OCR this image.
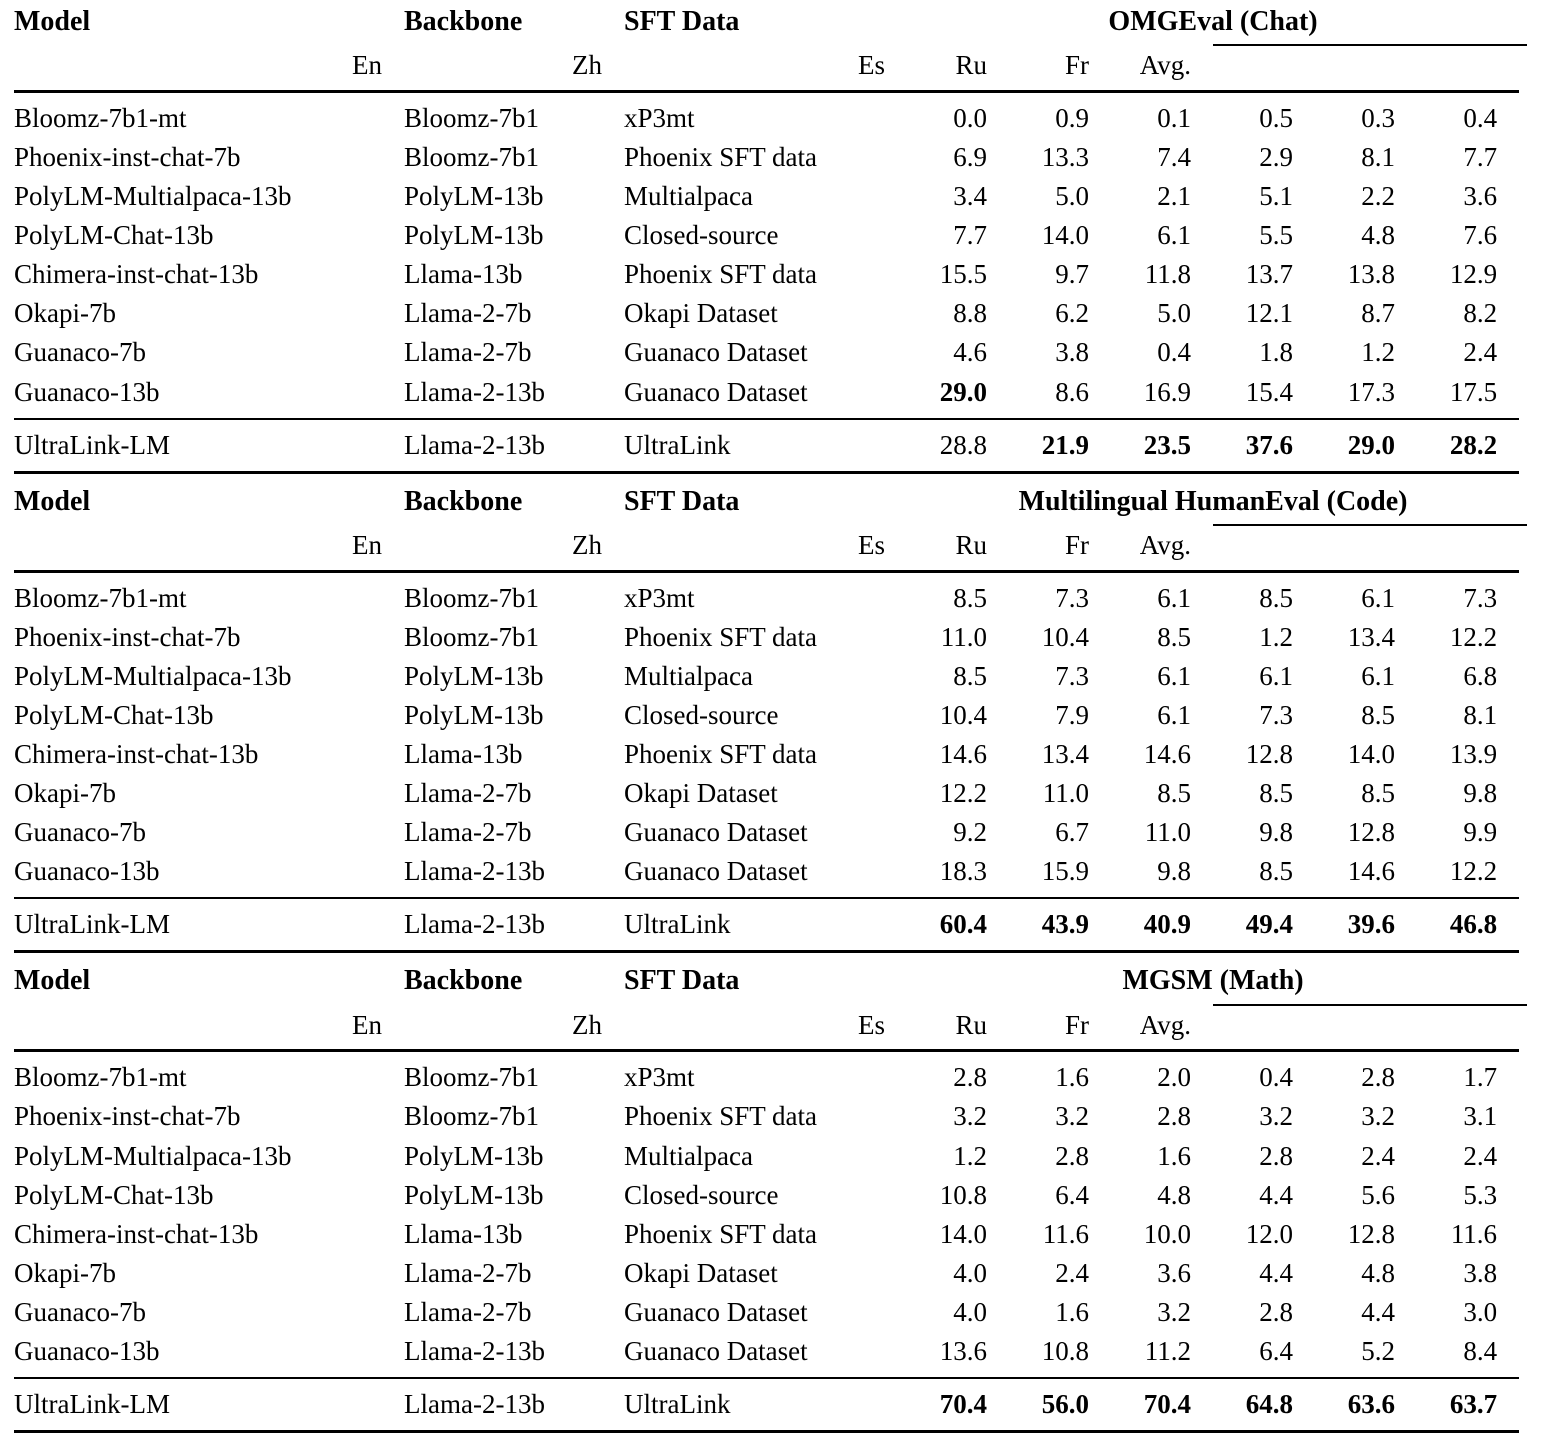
Model	Backbone	SFT Data	OMGEval (Chat)					

En	Zh	Es	Ru	Fr	Avg.			

Bloomz-7b1-mt	Bloomz-7b1	xP3mt	0.0	0.9	0.1	0.5	0.3	0.4
Phoenix-inst-chat-7b	Bloomz-7b1	Phoenix SFT data	6.9	13.3	7.4	2.9	8.1	7.7
PolyLM-Multialpaca-13b	PolyLM-13b	Multialpaca	3.4	5.0	2.1	5.1	2.2	3.6
PolyLM-Chat-13b	PolyLM-13b	Closed-source	7.7	14.0	6.1	5.5	4.8	7.6
Chimera-inst-chat-13b	Llama-13b	Phoenix SFT data	15.5	9.7	11.8	13.7	13.8	12.9
Okapi-7b	Llama-2-7b	Okapi Dataset	8.8	6.2	5.0	12.1	8.7	8.2
Guanaco-7b	Llama-2-7b	Guanaco Dataset	4.6	3.8	0.4	1.8	1.2	2.4
Guanaco-13b	Llama-2-13b	Guanaco Dataset	29.0	8.6	16.9	15.4	17.3	17.5

UltraLink-LM	Llama-2-13b	UltraLink	28.8	21.9	23.5	37.6	29.0	28.2

Model	Backbone	SFT Data	Multilingual HumanEval (Code)					

En	Zh	Es	Ru	Fr	Avg.			

Bloomz-7b1-mt	Bloomz-7b1	xP3mt	8.5	7.3	6.1	8.5	6.1	7.3
Phoenix-inst-chat-7b	Bloomz-7b1	Phoenix SFT data	11.0	10.4	8.5	1.2	13.4	12.2
PolyLM-Multialpaca-13b	PolyLM-13b	Multialpaca	8.5	7.3	6.1	6.1	6.1	6.8
PolyLM-Chat-13b	PolyLM-13b	Closed-source	10.4	7.9	6.1	7.3	8.5	8.1
Chimera-inst-chat-13b	Llama-13b	Phoenix SFT data	14.6	13.4	14.6	12.8	14.0	13.9
Okapi-7b	Llama-2-7b	Okapi Dataset	12.2	11.0	8.5	8.5	8.5	9.8
Guanaco-7b	Llama-2-7b	Guanaco Dataset	9.2	6.7	11.0	9.8	12.8	9.9
Guanaco-13b	Llama-2-13b	Guanaco Dataset	18.3	15.9	9.8	8.5	14.6	12.2

UltraLink-LM	Llama-2-13b	UltraLink	60.4	43.9	40.9	49.4	39.6	46.8

Model	Backbone	SFT Data	MGSM (Math)					

En	Zh	Es	Ru	Fr	Avg.			

Bloomz-7b1-mt	Bloomz-7b1	xP3mt	2.8	1.6	2.0	0.4	2.8	1.7
Phoenix-inst-chat-7b	Bloomz-7b1	Phoenix SFT data	3.2	3.2	2.8	3.2	3.2	3.1
PolyLM-Multialpaca-13b	PolyLM-13b	Multialpaca	1.2	2.8	1.6	2.8	2.4	2.4
PolyLM-Chat-13b	PolyLM-13b	Closed-source	10.8	6.4	4.8	4.4	5.6	5.3
Chimera-inst-chat-13b	Llama-13b	Phoenix SFT data	14.0	11.6	10.0	12.0	12.8	11.6
Okapi-7b	Llama-2-7b	Okapi Dataset	4.0	2.4	3.6	4.4	4.8	3.8
Guanaco-7b	Llama-2-7b	Guanaco Dataset	4.0	1.6	3.2	2.8	4.4	3.0
Guanaco-13b	Llama-2-13b	Guanaco Dataset	13.6	10.8	11.2	6.4	5.2	8.4

UltraLink-LM	Llama-2-13b	UltraLink	70.4	56.0	70.4	64.8	63.6	63.7
